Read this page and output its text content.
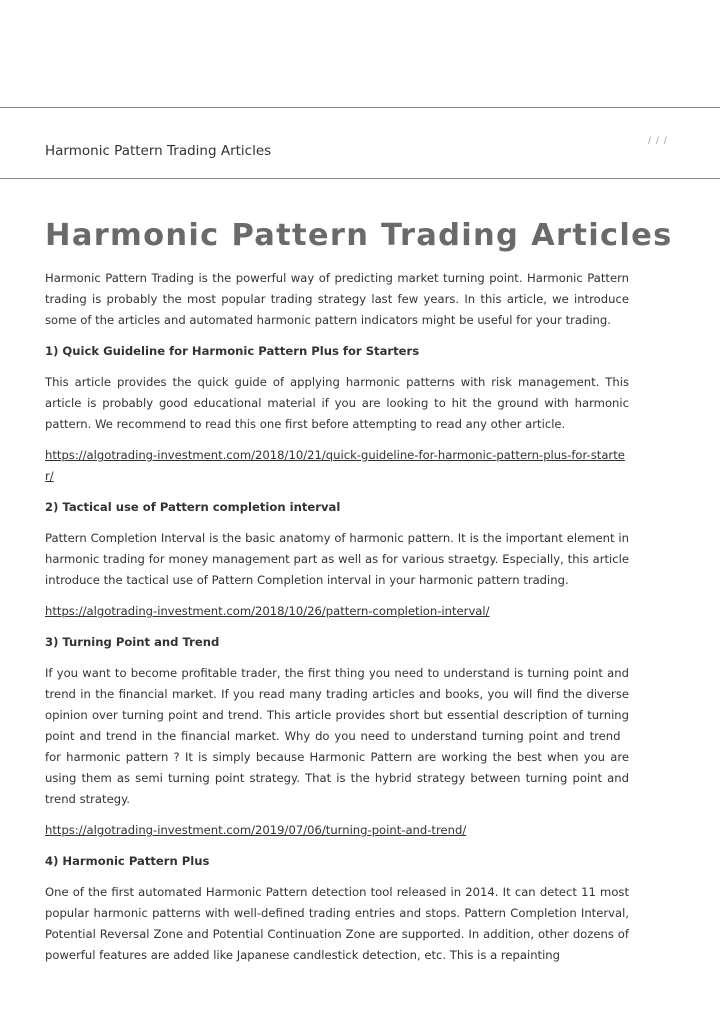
Harmonic Pattern Trading Articles
/ / /
Harmonic Pattern Trading Articles

Harmonic Pattern Trading is the powerful way of predicting market turning point. Harmonic Pattern trading is probably the most popular trading strategy last few years. In this article, we introduce some of the articles and automated harmonic pattern indicators might be useful for your trading.

1) Quick Guideline for Harmonic Pattern Plus for Starters

This article provides the quick guide of applying harmonic patterns with risk management. This article is probably good educational material if you are looking to hit the ground with harmonic pattern. We recommend to read this one first before attempting to read any other article.

https://algotrading-investment.com/2018/10/21/quick-guideline-for-harmonic-pattern-plus-for-starter/

2) Tactical use of Pattern completion interval

Pattern Completion Interval is the basic anatomy of harmonic pattern. It is the important element in harmonic trading for money management part as well as for various straetgy. Especially, this article introduce the tactical use of Pattern Completion interval in your harmonic pattern trading.

https://algotrading-investment.com/2018/10/26/pattern-completion-interval/

3) Turning Point and Trend

If you want to become profitable trader, the first thing you need to understand is turning point and trend in the financial market. If you read many trading articles and books, you will find the diverse opinion over turning point and trend. This article provides short but essential description of turning point and trend in the financial market. Why do you need to understand turning point and trend   for harmonic pattern ? It is simply because Harmonic Pattern are working the best when you are using them as semi turning point strategy. That is the hybrid strategy between turning point and trend strategy.

https://algotrading-investment.com/2019/07/06/turning-point-and-trend/

4) Harmonic Pattern Plus

One of the first automated Harmonic Pattern detection tool released in 2014. It can detect 11 most popular harmonic patterns with well-defined trading entries and stops. Pattern Completion Interval, Potential Reversal Zone and Potential Continuation Zone are supported. In addition, other dozens of powerful features are added like Japanese candlestick detection, etc. This is a repainting
